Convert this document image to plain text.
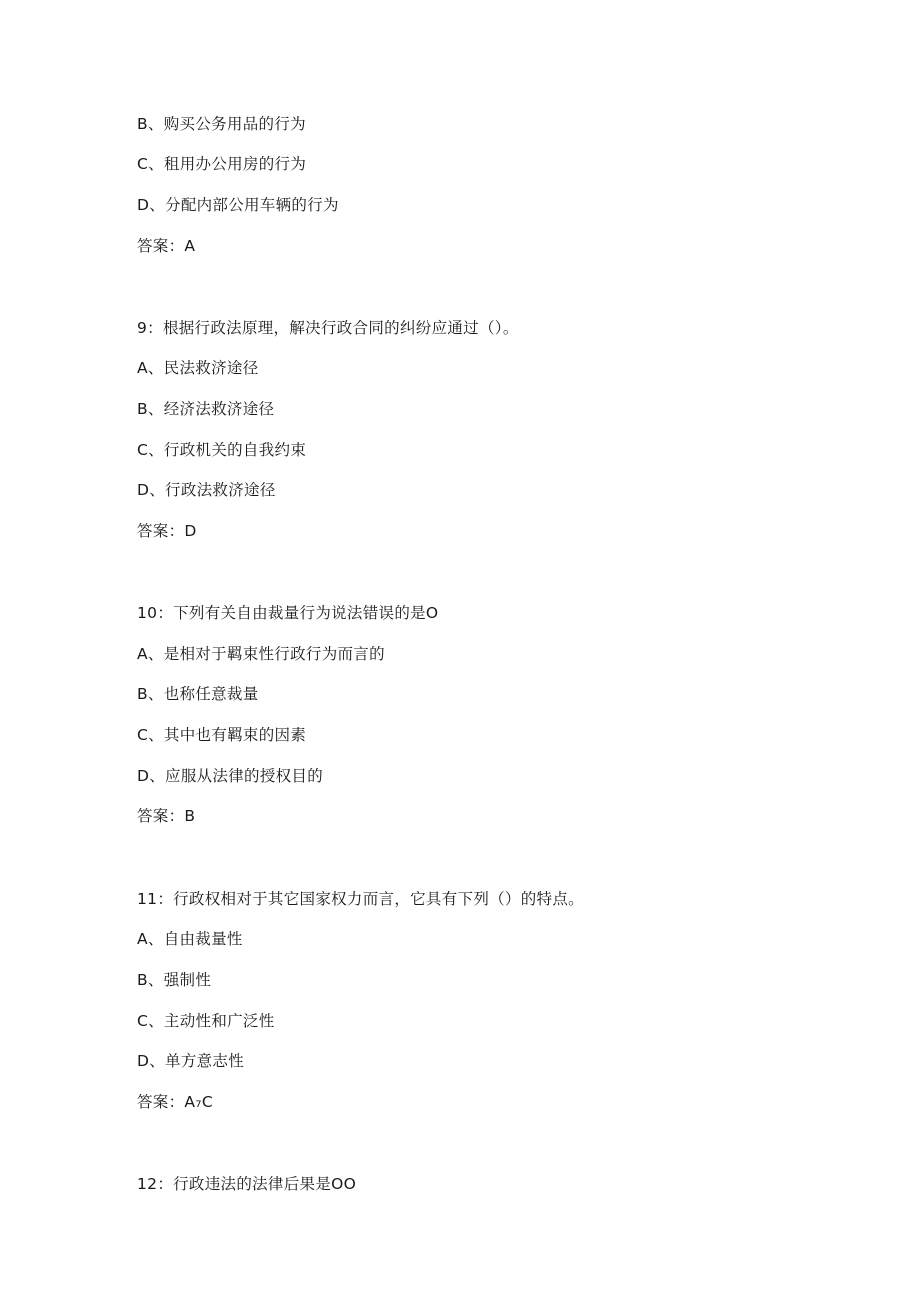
B、购买公务用品的行为
C、租用办公用房的行为
D、分配内部公用车辆的行为
答案：A
9：根据行政法原理，解决行政合同的纠纷应通过（）。
A、民法救济途径
B、经济法救济途径
C、行政机关的自我约束
D、行政法救济途径
答案：D
10：下列有关自由裁量行为说法错误的是O
A、是相对于羁束性行政行为而言的
B、也称任意裁量
C、其中也有羁束的因素
D、应服从法律的授权目的
答案：B
11：行政权相对于其它国家权力而言，它具有下列（）的特点。
A、自由裁量性
B、强制性
C、主动性和广泛性
D、单方意志性
答案：A₇C
12：行政违法的法律后果是OO
